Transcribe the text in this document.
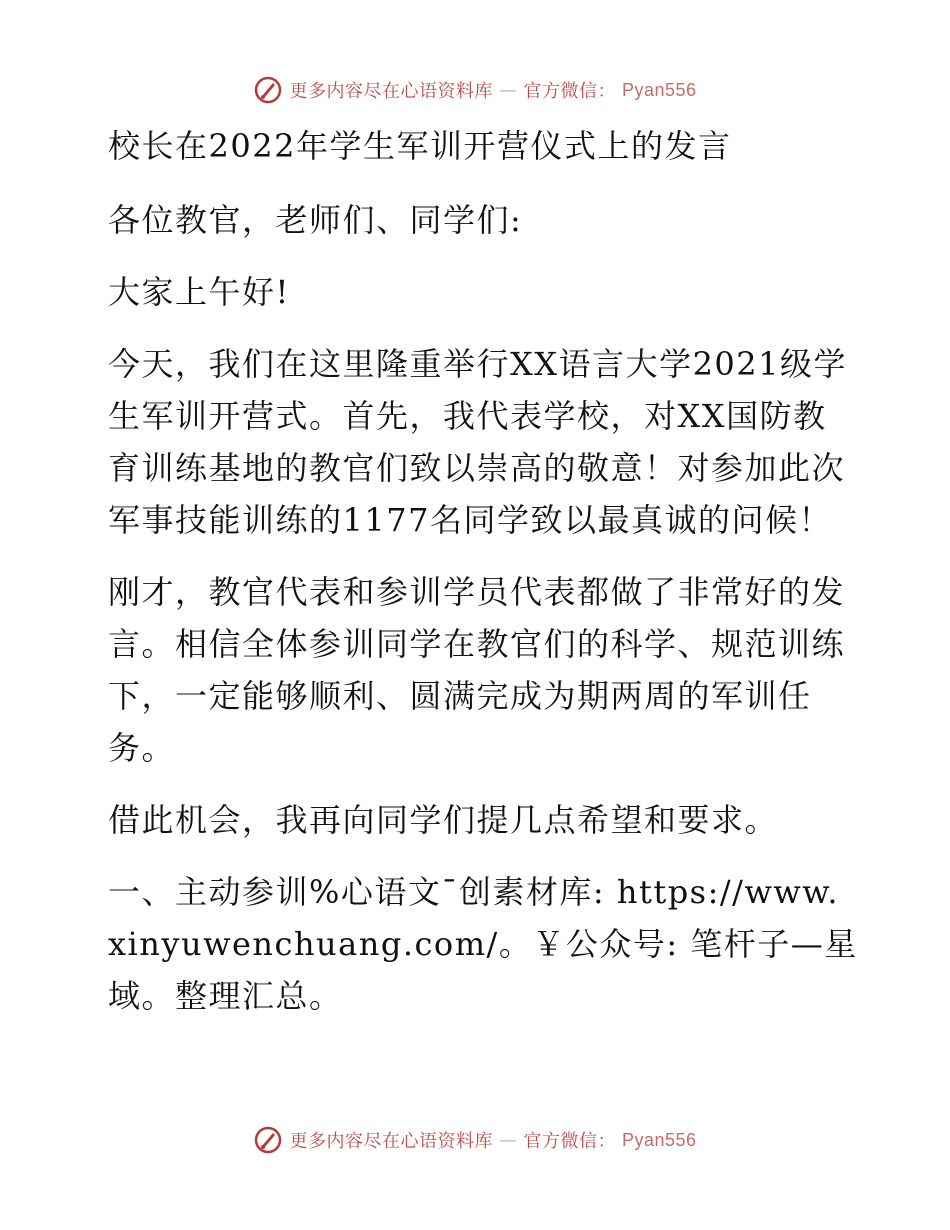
更多内容尽在心语资料库 — 官方微信： Pyan556

校长在2022年学生军训开营仪式上的发言

各位教官，老师们、同学们:

大家上午好!

今天，我们在这里隆重举行XX语言大学2021级学生军训开营式。首先，我代表学校，对XX国防教育训练基地的教官们致以崇高的敬意！对参加此次军事技能训练的1177名同学致以最真诚的问候！

刚才，教官代表和参训学员代表都做了非常好的发言。相信全体参训同学在教官们的科学、规范训练下，一定能够顺利、圆满完成为期两周的军训任务。

借此机会，我再向同学们提几点希望和要求。

一、主动参训%心语文¯创素材库: https://www.xinyuwenchuang.com/。￥公众号: 笔杆子—星域。整理汇总。

更多内容尽在心语资料库 — 官方微信： Pyan556
